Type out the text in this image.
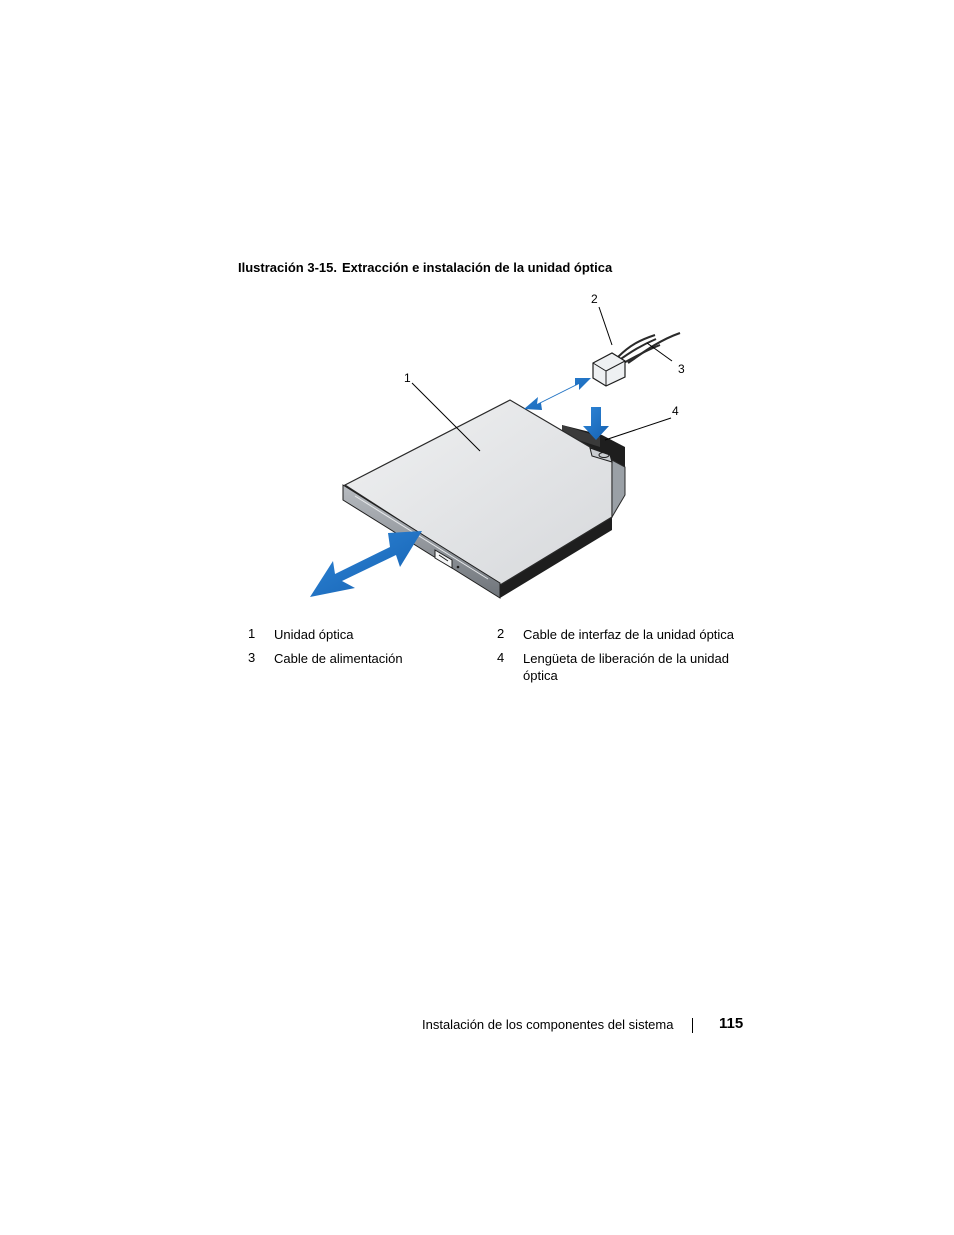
Ilustración 3-15. Extracción e instalación de la unidad óptica
1
2
3
4
1 Unidad óptica	2 Cable de interfaz de la unidad óptica
3 Cable de alimentación	4 Lengüeta de liberación de la unidad óptica
Instalación de los componentes del sistema	115
